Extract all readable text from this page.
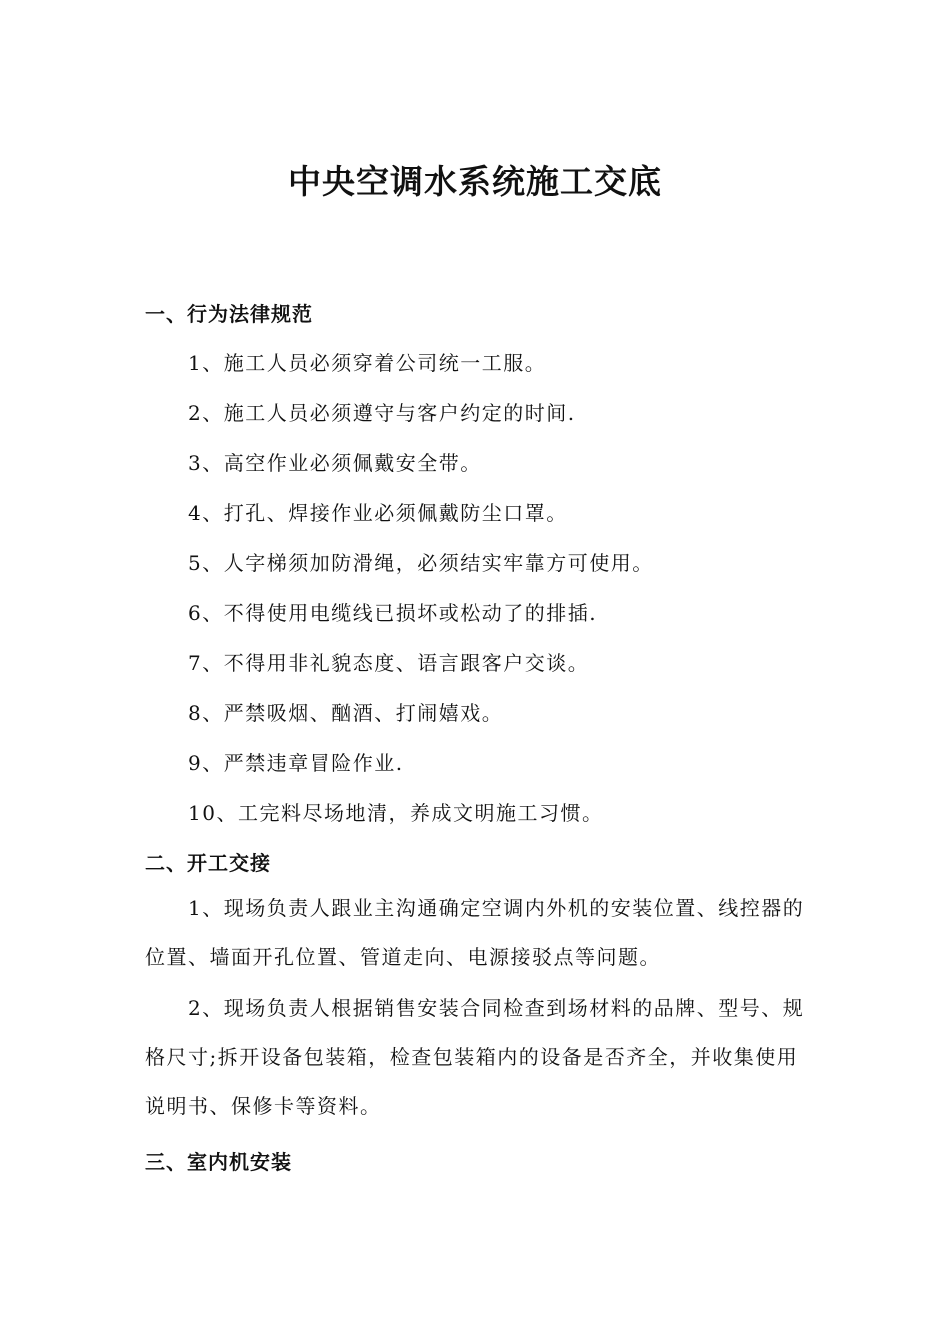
中央空调水系统施工交底
一、行为法律规范

1、施工人员必须穿着公司统一工服。

2、施工人员必须遵守与客户约定的时间.

3、高空作业必须佩戴安全带。

4、打孔、焊接作业必须佩戴防尘口罩。

5、人字梯须加防滑绳，必须结实牢靠方可使用。

6、不得使用电缆线已损坏或松动了的排插.

7、不得用非礼貌态度、语言跟客户交谈。

8、严禁吸烟、酗酒、打闹嬉戏。

9、严禁违章冒险作业.

10、工完料尽场地清，养成文明施工习惯。

二、开工交接

1、现场负责人跟业主沟通确定空调内外机的安装位置、线控器的位置、墙面开孔位置、管道走向、电源接驳点等问题。

2、现场负责人根据销售安装合同检查到场材料的品牌、型号、规格尺寸;拆开设备包装箱，检查包装箱内的设备是否齐全，并收集使用说明书、保修卡等资料。

三、室内机安装
